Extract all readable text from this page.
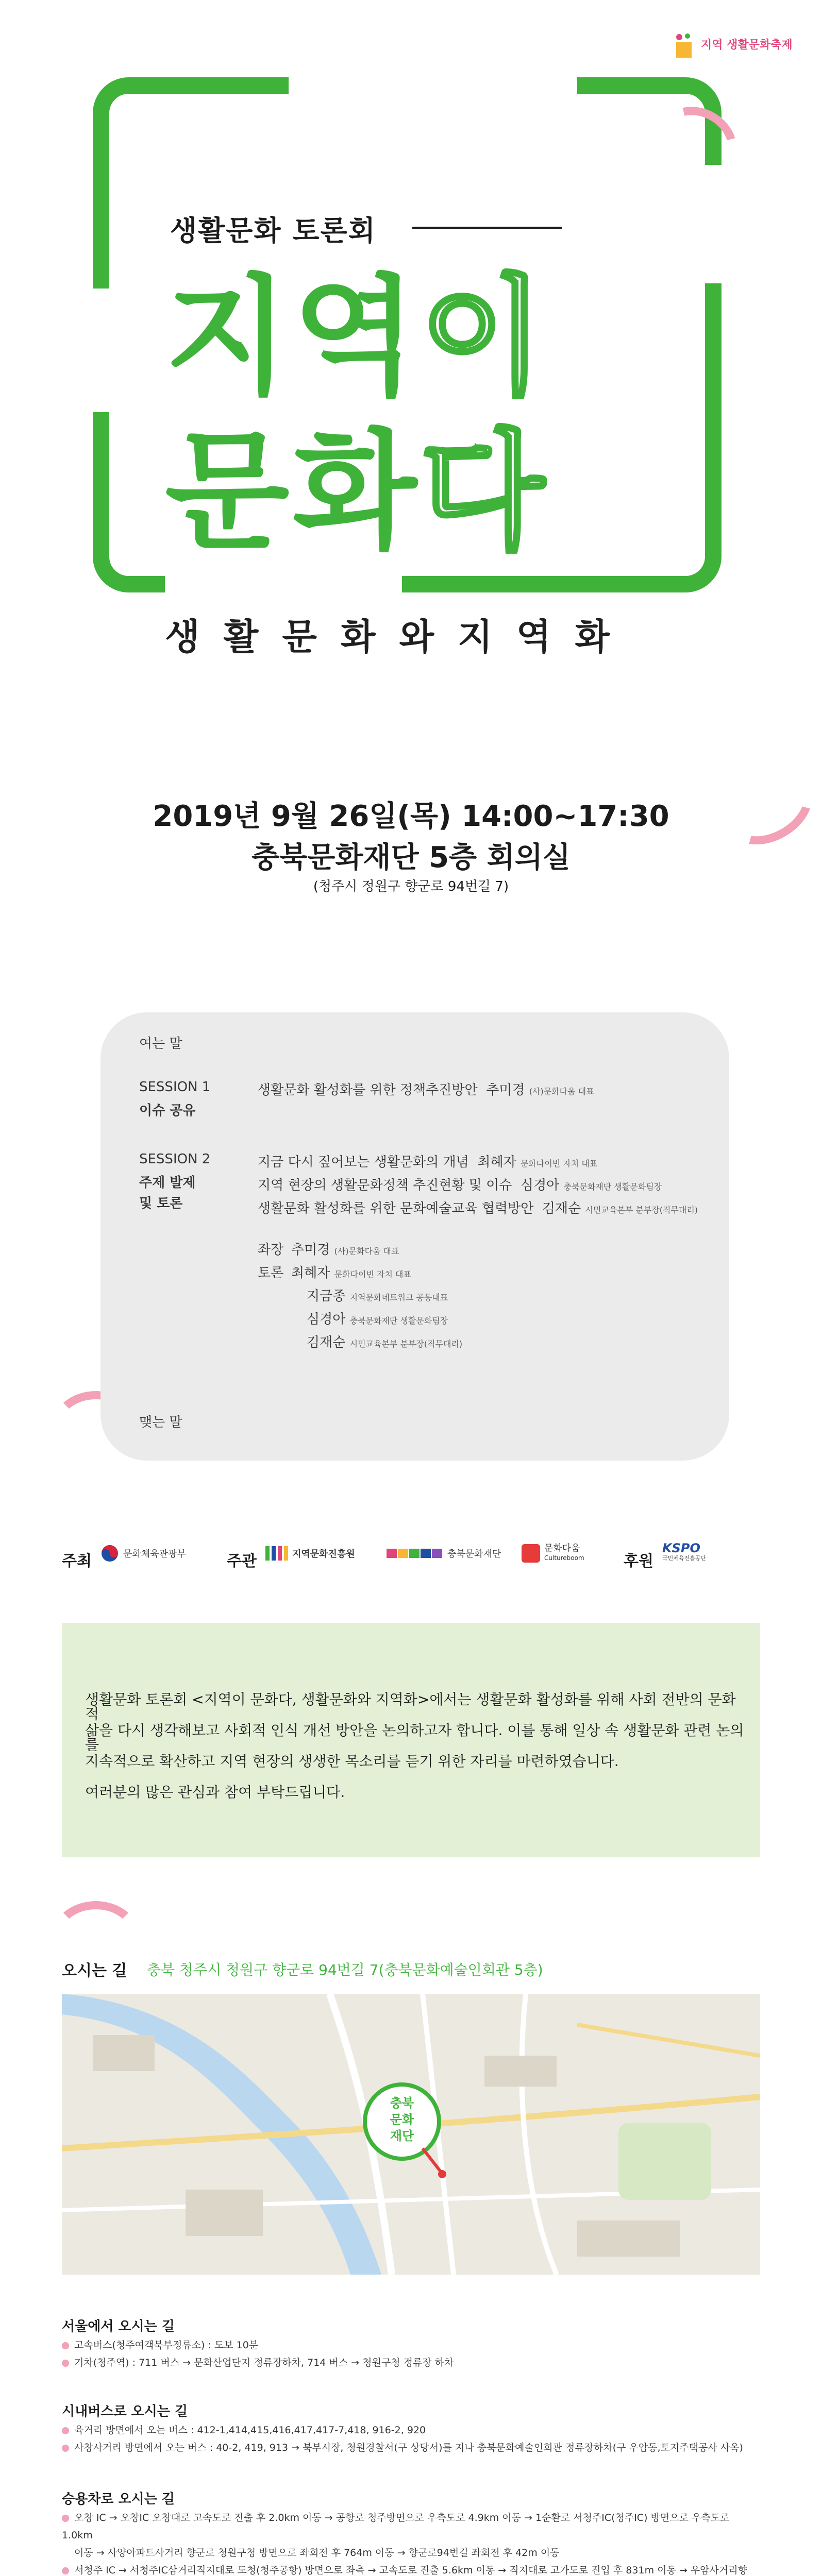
지역 생활문화축제
생활문화 토론회
지역이
문화다
생활문화와지역화
2019년 9월 26일(목) 14:00~17:30
충북문화재단 5층 회의실
(청주시 정원구 향군로 94번길 7)
여는 말
SESSION 1
이슈 공유
생활문화 활성화를 위한 정책추진방안 추미경 (사)문화다움 대표
SESSION 2
주제 발제
및 토론
지금 다시 짚어보는 생활문화의 개념 최혜자 문화다이빈 자치 대표
지역 현장의 생활문화정책 추진현황 및 이슈 심경아 충북문화재단 생활문화팀장
생활문화 활성화를 위한 문화예술교육 협력방안 김재순 시민교육본부 분부장(직무대리)
좌장 추미경 (사)문화다움 대표
토론 최혜자 문화다이빈 자치 대표
지금종 지역문화네트워크 공동대표
심경아 충북문화재단 생활문화팀장
김재순 시민교육본부 분부장(직무대리)
맺는 말
주최	문화체육관광부	주관	지역문화진흥원	충북문화재단
문화다움
Cultureboom	후원
KSPO
국민체육진흥공단

생활문화 토론회 <지역이 문화다, 생활문화와 지역화>에서는 생활문화 활성화를 위해 사회 전반의 문화적

삶을 다시 생각해보고 사회적 인식 개선 방안을 논의하고자 합니다. 이를 통해 일상 속 생활문화 관련 논의를

지속적으로 확산하고 지역 현장의 생생한 목소리를 듣기 위한 자리를 마련하였습니다.

여러분의 많은 관심과 참여 부탁드립니다.

오시는 길 충북 청주시 청원구 향군로 94번길 7(충북문화예술인회관 5층)
충북
문화
재단
서울에서 오시는 길
고속버스(청주여객북부정류소) : 도보 10분
기차(청주역) : 711 버스 → 문화산업단지 정류장하차, 714 버스 → 청원구청 정류장 하차
시내버스로 오시는 길
육거리 방면에서 오는 버스 : 412-1,414,415,416,417,417-7,418, 916-2, 920
사창사거리 방면에서 오는 버스 : 40-2, 419, 913 → 북부시장, 청원경찰서(구 상당서)를 지나 충북문화예술인회관 정류장하차(구 우암동,토지주택공사 사옥)
승용차로 오시는 길
오창 IC → 오창IC 오창대로 고속도로 진출 후 2.0km 이동 → 공항로 청주방면으로 우측도로 4.9km 이동 → 1순환로 서청주IC(청주IC) 방면으로 우측도로 1.0km
이동 → 사양아파트사거리 향군로 청원구청 방면으로 좌회전 후 764m 이동 → 향군로94번길 좌회전 후 42m 이동
서청주 IC → 서청주IC삼거리직지대로 도청(청주공항) 방면으로 좌측 → 고속도로 진출 5.6km 이동 → 직지대로 고가도로 진입 후 831m 이동 → 우암사거리향
